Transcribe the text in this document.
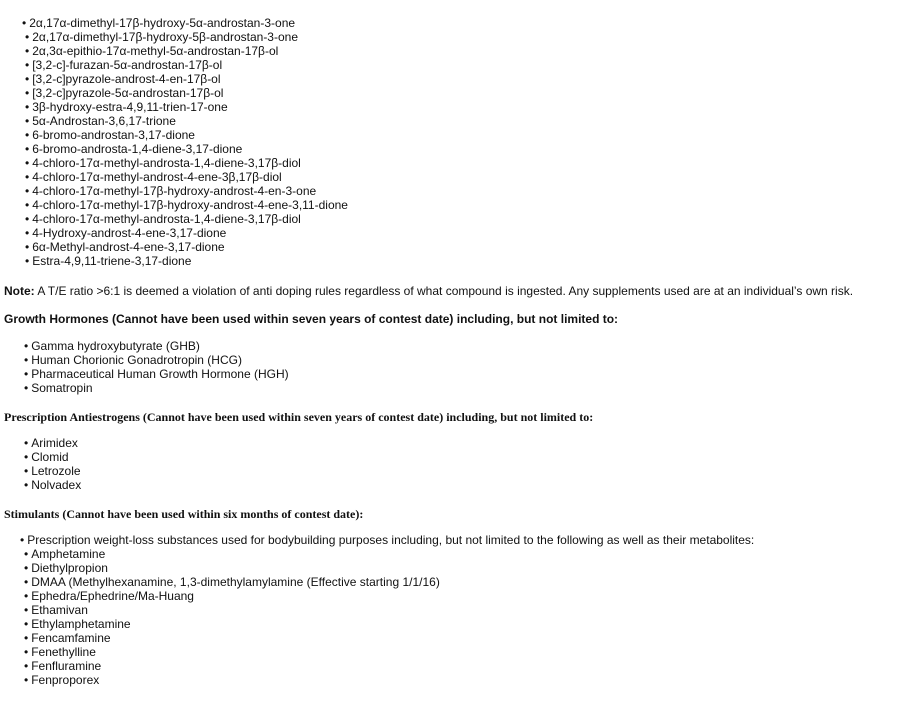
• 2α,17α-dimethyl-17β-hydroxy-5α-androstan-3-one
• 2α,17α-dimethyl-17β-hydroxy-5β-androstan-3-one
• 2α,3α-epithio-17α-methyl-5α-androstan-17β-ol
• [3,2-c]-furazan-5α-androstan-17β-ol
• [3,2-c]pyrazole-androst-4-en-17β-ol
• [3,2-c]pyrazole-5α-androstan-17β-ol
• 3β-hydroxy-estra-4,9,11-trien-17-one
• 5α-Androstan-3,6,17-trione
• 6-bromo-androstan-3,17-dione
• 6-bromo-androsta-1,4-diene-3,17-dione
• 4-chloro-17α-methyl-androsta-1,4-diene-3,17β-diol
• 4-chloro-17α-methyl-androst-4-ene-3β,17β-diol
• 4-chloro-17α-methyl-17β-hydroxy-androst-4-en-3-one
• 4-chloro-17α-methyl-17β-hydroxy-androst-4-ene-3,11-dione
• 4-chloro-17α-methyl-androsta-1,4-diene-3,17β-diol
• 4-Hydroxy-androst-4-ene-3,17-dione
• 6α-Methyl-androst-4-ene-3,17-dione
• Estra-4,9,11-triene-3,17-dione
Note: A T/E ratio >6:1 is deemed a violation of anti doping rules regardless of what compound is ingested. Any supplements used are at an individual’s own risk.
Growth Hormones (Cannot have been used within seven years of contest date) including, but not limited to:
• Gamma hydroxybutyrate (GHB)
• Human Chorionic Gonadrotropin (HCG)
• Pharmaceutical Human Growth Hormone (HGH)
• Somatropin
Prescription Antiestrogens (Cannot have been used within seven years of contest date) including, but not limited to:
• Arimidex
• Clomid
• Letrozole
• Nolvadex
Stimulants (Cannot have been used within six months of contest date):
• Prescription weight-loss substances used for bodybuilding purposes including, but not limited to the following as well as their metabolites:
• Amphetamine
• Diethylpropion
• DMAA (Methylhexanamine, 1,3-dimethylamylamine (Effective starting 1/1/16)
• Ephedra/Ephedrine/Ma-Huang
• Ethamivan
• Ethylamphetamine
• Fencamfamine
• Fenethylline
• Fenfluramine
• Fenproporex
